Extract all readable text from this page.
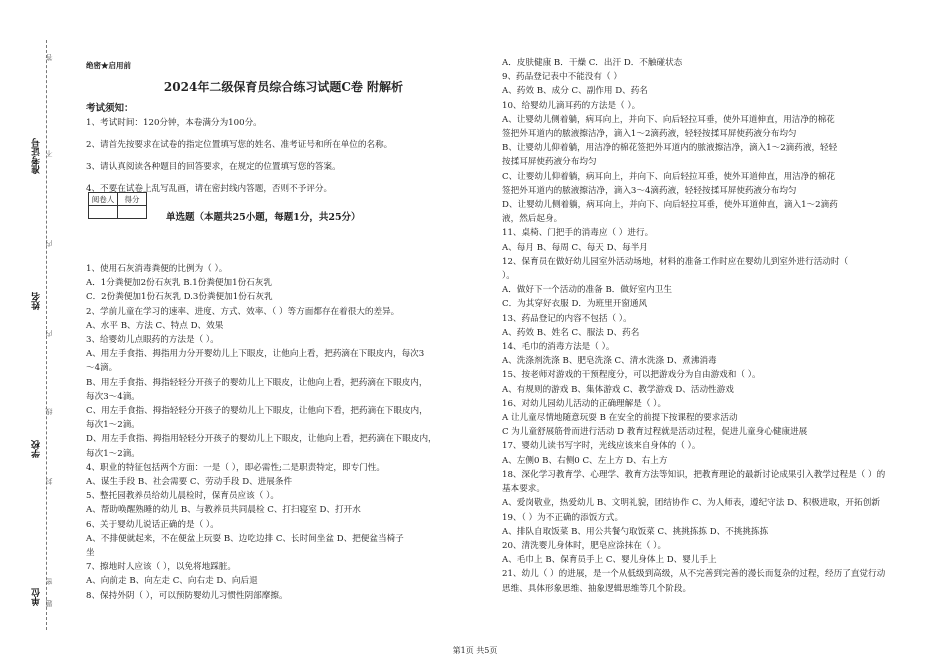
准考证号
姓名
学校
单位
答
不
内
内
线
封
密
题
绝密★启用前
2024年二级保育员综合练习试题C卷 附解析
考试须知：
1、考试时间：120分钟，本卷满分为100分。
2、请首先按要求在试卷的指定位置填写您的姓名、准考证号和所在单位的名称。
3、请认真阅读各种题目的回答要求，在规定的位置填写您的答案。
4、不要在试卷上乱写乱画，请在密封线内答题，否则不予评分。
阅卷人	得分

单选题（本题共25小题，每题1分，共25分）
1、使用石灰消毒粪便的比例为（ ）。
A．1分粪便加2份石灰乳 B.1份粪便加1份石灰乳
C．2份粪便加1份石灰乳 D.3份粪便加1份石灰乳
2、学前儿童在学习的速率、进度、方式、效率、（ ）等方面都存在着很大的差异。
A、水平 B、方法 C、特点 D、效果
3、给婴幼儿点眼药的方法是（ ）。
A、用左手食指、拇指用力分开婴幼儿上下眼皮，让他向上看，把药滴在下眼皮内，每次3
～4滴。
B、用左手食指、拇指轻轻分开孩子的婴幼儿上下眼皮，让他向上看，把药滴在下眼皮内，
每次3～4滴。
C、用左手食指、拇指轻轻分开孩子的婴幼儿上下眼皮，让他向下看，把药滴在下眼皮内，
每次1～2滴。
D、用左手食指、拇指用轻轻分开孩子的婴幼儿上下眼皮，让他向上看，把药滴在下眼皮内，
每次1～2滴。
4、职业的特征包括两个方面：一是（ ），即必需性;二是职责特定，即专门性。
A、谋生手段 B、社会需要 C、劳动手段 D、进展条件
5、整托园教养员给幼儿晨检时，保育员应该（ ）。
A、帮助唤醒熟睡的幼儿 B、与教养员共同晨检 C、打扫寝室 D、打开水
6、关于婴幼儿说话正确的是（ ）。
A、不排便就起来，不在便盆上玩耍 B、边吃边排 C、长时间坐盆 D、把便盆当椅子
坐
7、擦地时人应该（ ），以免将地踩脏。
A、向前走 B、向左走 C、向右走 D、向后退
8、保持外阴（ ），可以预防婴幼儿习惯性阴部摩擦。
A．皮肤健康 B．干燥 C．出汗 D．不触碰状态
9、药品登记表中不能没有（ ）
A、药效 B、成分 C、副作用 D、药名
10、给婴幼儿滴耳药的方法是（ ）。
A、让婴幼儿侧着躺，病耳向上，并向下、向后轻拉耳垂，使外耳道伸直，用洁净的棉花
签把外耳道内的脓液擦洁净，滴入1～2滴药液，轻轻按揉耳屏使药液分布均匀
B、让婴幼儿仰着躺，用洁净的棉花签把外耳道内的脓液擦洁净，滴入1～2滴药液，轻轻
按揉耳屏使药液分布均匀
C、让婴幼儿仰着躺，病耳向上，并向下、向后轻拉耳垂，使外耳道伸直，用洁净的棉花
签把外耳道内的脓液擦洁净，滴入3～4滴药液，轻轻按揉耳屏使药液分布均匀
D、让婴幼儿侧着躺，病耳向上，并向下、向后轻拉耳垂，使外耳道伸直，滴入1～2滴药
液，然后起身。
11、桌椅、门把手的消毒应（ ）进行。
A、每月 B、每周 C、每天 D、每半月
12、保育员在做好幼儿园室外活动场地，材料的准备工作时应在婴幼儿到室外进行活动时（
）。
A．做好下一个活动的准备 B．做好室内卫生
C．为其穿好衣服 D．为班里开窗通风
13、药品登记的内容不包括（ ）。
A、药效 B、姓名 C、服法 D、药名
14、毛巾的消毒方法是（ ）。
A、洗涤剂洗涤 B、肥皂洗涤 C、清水洗涤 D、煮沸消毒
15、按老师对游戏的干预程度分，可以把游戏分为自由游戏和（ ）。
A、有规则的游戏 B、集体游戏 C、教学游戏 D、活动性游戏
16、对幼儿园幼儿活动的正确理解是（ ）。
A 让儿童尽情地随意玩耍 B 在安全的前提下按课程的要求活动
C 为儿童舒展筋骨而进行活动 D 教育过程就是活动过程，促进儿童身心健康进展
17、婴幼儿读书写字时，光线应该来自身体的（ ）。
A、左侧0 B、右侧0 C、左上方 D、右上方
18、深化学习教育学、心理学、教育方法等知识，把教育理论的最新讨论成果引入教学过程是（ ）的基本要求。
A、爱岗敬业，热爱幼儿 B、文明礼貌，团结协作 C、为人师表，遵纪守法 D、积极进取，开拓创新
19、（ ）为不正确的添饭方式。
A、排队自取饭菜 B、用公共餐勺取饭菜 C、挑挑拣拣 D、不挑挑拣拣
20、清洗婴儿身体时，肥皂应涂抹在（ ）。
A、毛巾上 B、保育员手上 C、婴儿身体上 D、婴儿手上
21、幼儿（ ）的进展，是一个从低级到高级，从不完善到完善的漫长而复杂的过程，经历了直觉行动思维、具体形象思维、抽象逻辑思维等几个阶段。
第1页 共5页
